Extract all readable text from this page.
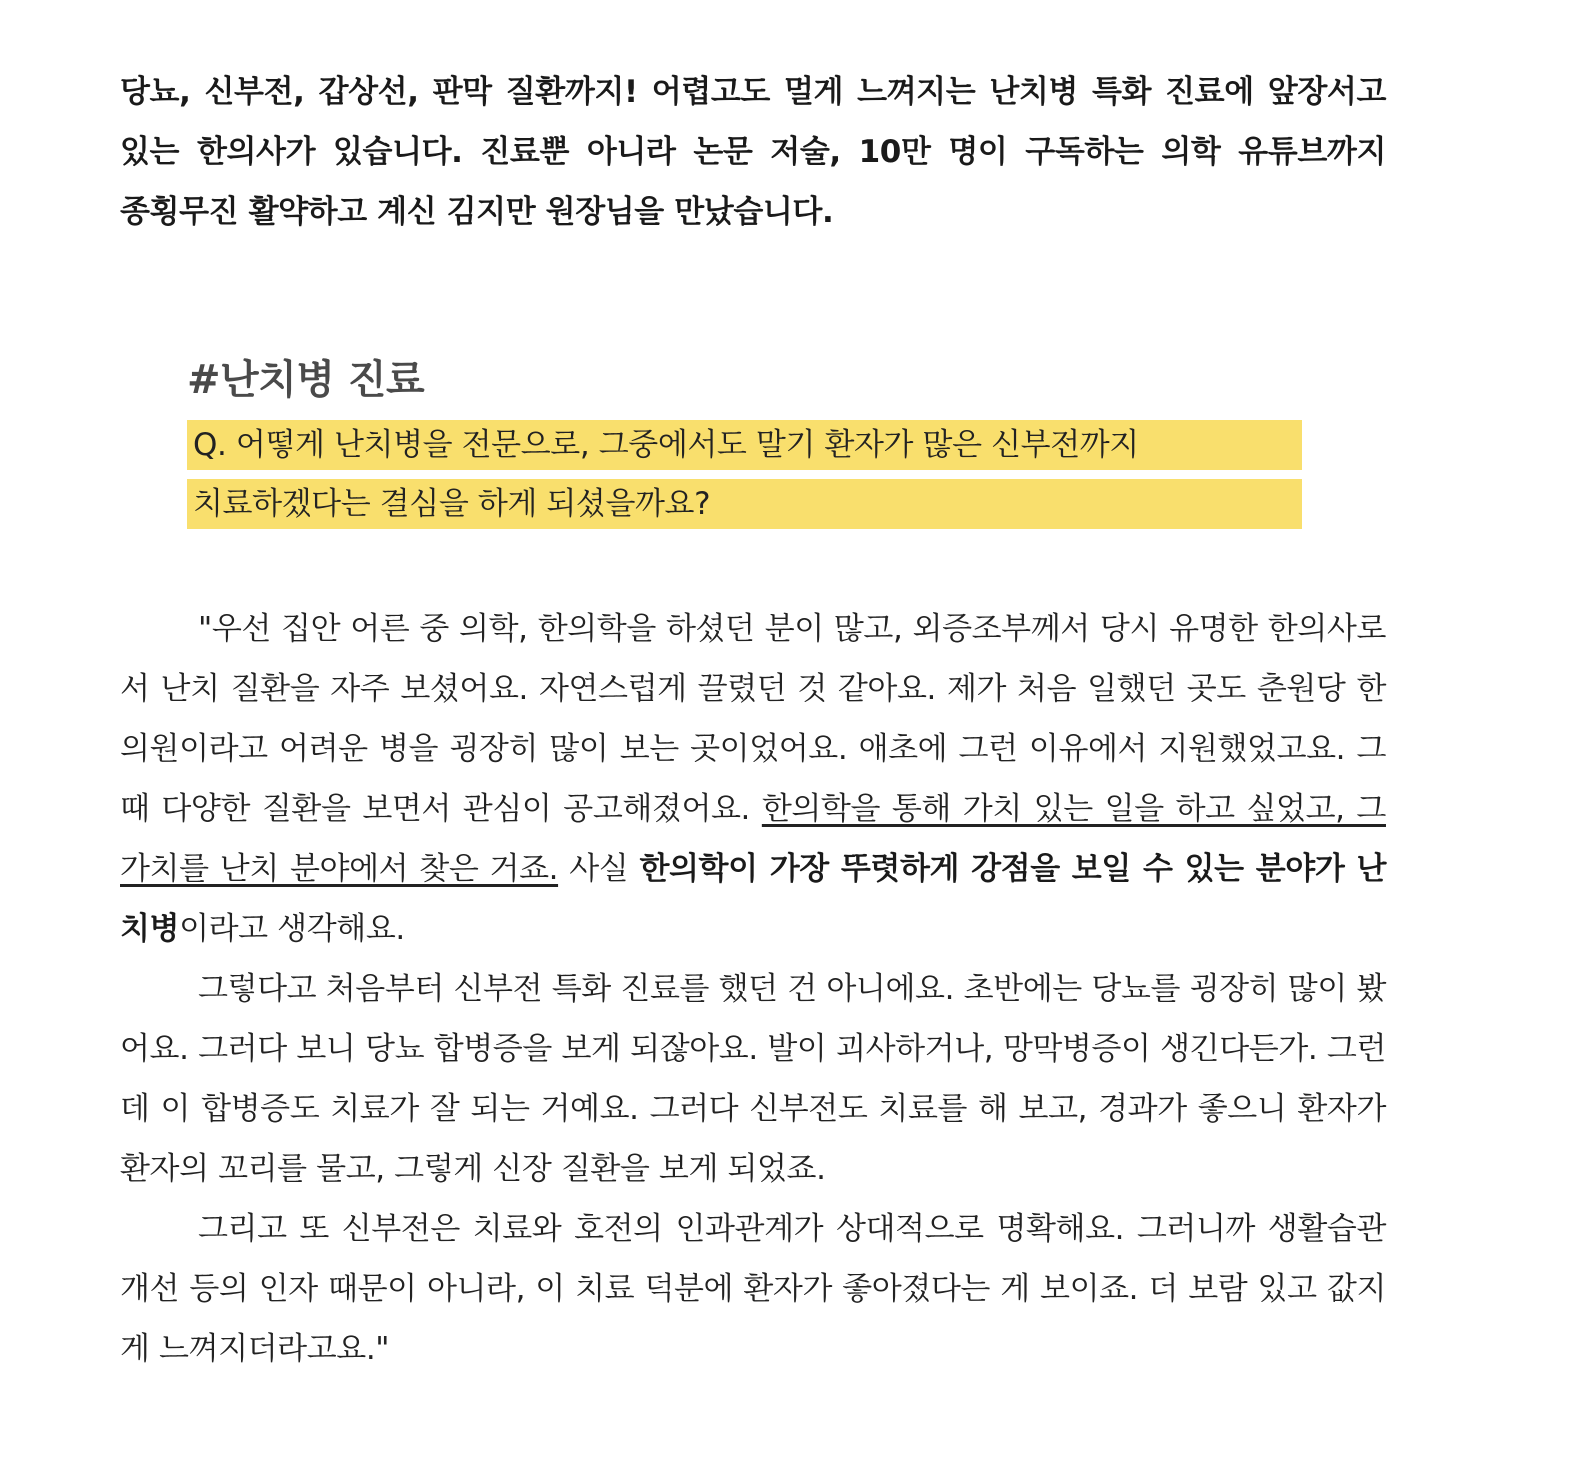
당뇨, 신부전, 갑상선, 판막 질환까지! 어렵고도 멀게 느껴지는 난치병 특화 진료에 앞장서고 있는 한의사가 있습니다. 진료뿐 아니라 논문 저술, 10만 명이 구독하는 의학 유튜브까지 종횡무진 활약하고 계신 김지만 원장님을 만났습니다.

#난치병 진료
Q. 어떻게 난치병을 전문으로, 그중에서도 말기 환자가 많은 신부전까지
치료하겠다는 결심을 하게 되셨을까요?

"우선 집안 어른 중 의학, 한의학을 하셨던 분이 많고, 외증조부께서 당시 유명한 한의사로서 난치 질환을 자주 보셨어요. 자연스럽게 끌렸던 것 같아요. 제가 처음 일했던 곳도 춘원당 한의원이라고 어려운 병을 굉장히 많이 보는 곳이었어요. 애초에 그런 이유에서 지원했었고요. 그때 다양한 질환을 보면서 관심이 공고해졌어요. 한의학을 통해 가치 있는 일을 하고 싶었고, 그 가치를 난치 분야에서 찾은 거죠. 사실 한의학이 가장 뚜렷하게 강점을 보일 수 있는 분야가 난치병이라고 생각해요.

그렇다고 처음부터 신부전 특화 진료를 했던 건 아니에요. 초반에는 당뇨를 굉장히 많이 봤어요. 그러다 보니 당뇨 합병증을 보게 되잖아요. 발이 괴사하거나, 망막병증이 생긴다든가. 그런데 이 합병증도 치료가 잘 되는 거예요. 그러다 신부전도 치료를 해 보고, 경과가 좋으니 환자가 환자의 꼬리를 물고, 그렇게 신장 질환을 보게 되었죠.

그리고 또 신부전은 치료와 호전의 인과관계가 상대적으로 명확해요. 그러니까 생활습관 개선 등의 인자 때문이 아니라, 이 치료 덕분에 환자가 좋아졌다는 게 보이죠. 더 보람 있고 값지게 느껴지더라고요."
